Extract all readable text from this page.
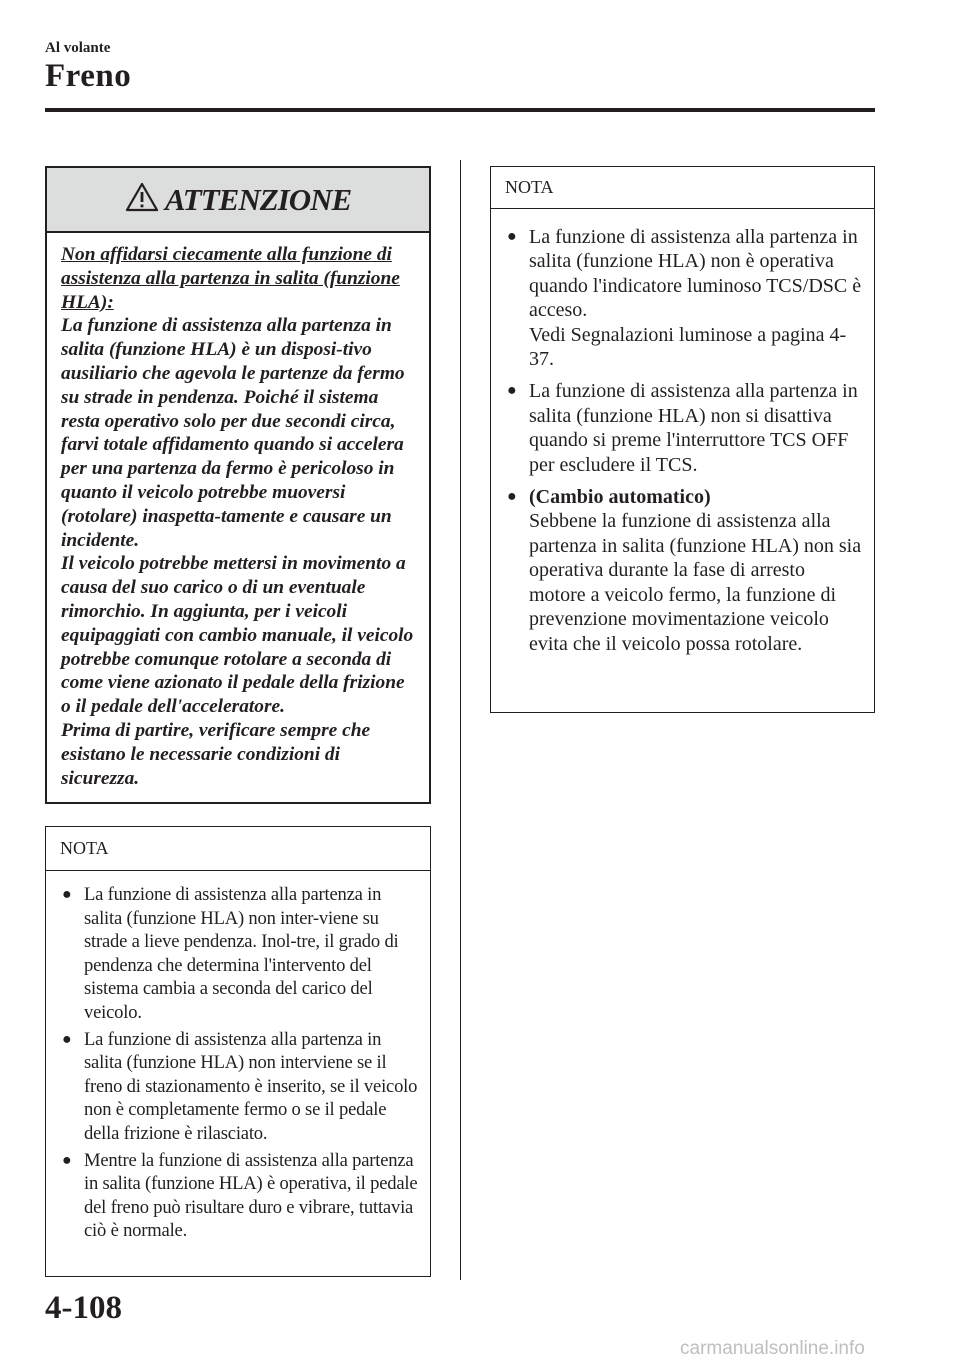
Al volante
Freno
ATTENZIONE
Non affidarsi ciecamente alla funzione di assistenza alla partenza in salita (funzione HLA):
La funzione di assistenza alla partenza in salita (funzione HLA) è un disposi-tivo ausiliario che agevola le partenze da fermo su strade in pendenza. Poiché il sistema resta operativo solo per due secondi circa, farvi totale affidamento quando si accelera per una partenza da fermo è pericoloso in quanto il veicolo potrebbe muoversi (rotolare) inaspetta-tamente e causare un incidente.
Il veicolo potrebbe mettersi in movimento a causa del suo carico o di un eventuale rimorchio. In aggiunta, per i veicoli equipaggiati con cambio manuale, il veicolo potrebbe comunque rotolare a seconda di come viene azionato il pedale della frizione o il pedale dell'acceleratore.
Prima di partire, verificare sempre che esistano le necessarie condizioni di sicurezza.
NOTA
● La funzione di assistenza alla partenza in salita (funzione HLA) non inter-viene su strade a lieve pendenza. Inol-tre, il grado di pendenza che determina l'intervento del sistema cambia a seconda del carico del veicolo.
● La funzione di assistenza alla partenza in salita (funzione HLA) non interviene se il freno di stazionamento è inserito, se il veicolo non è completamente fermo o se il pedale della frizione è rilasciato.
● Mentre la funzione di assistenza alla partenza in salita (funzione HLA) è operativa, il pedale del freno può risultare duro e vibrare, tuttavia ciò è normale.
NOTA
● La funzione di assistenza alla partenza in salita (funzione HLA) non è operativa quando l'indicatore luminoso TCS/DSC è acceso.
Vedi Segnalazioni luminose a pagina 4-37.
● La funzione di assistenza alla partenza in salita (funzione HLA) non si disattiva quando si preme l'interruttore TCS OFF per escludere il TCS.
● (Cambio automatico)
Sebbene la funzione di assistenza alla partenza in salita (funzione HLA) non sia operativa durante la fase di arresto motore a veicolo fermo, la funzione di prevenzione movimentazione veicolo evita che il veicolo possa rotolare.
4-108
carmanualsonline.info
